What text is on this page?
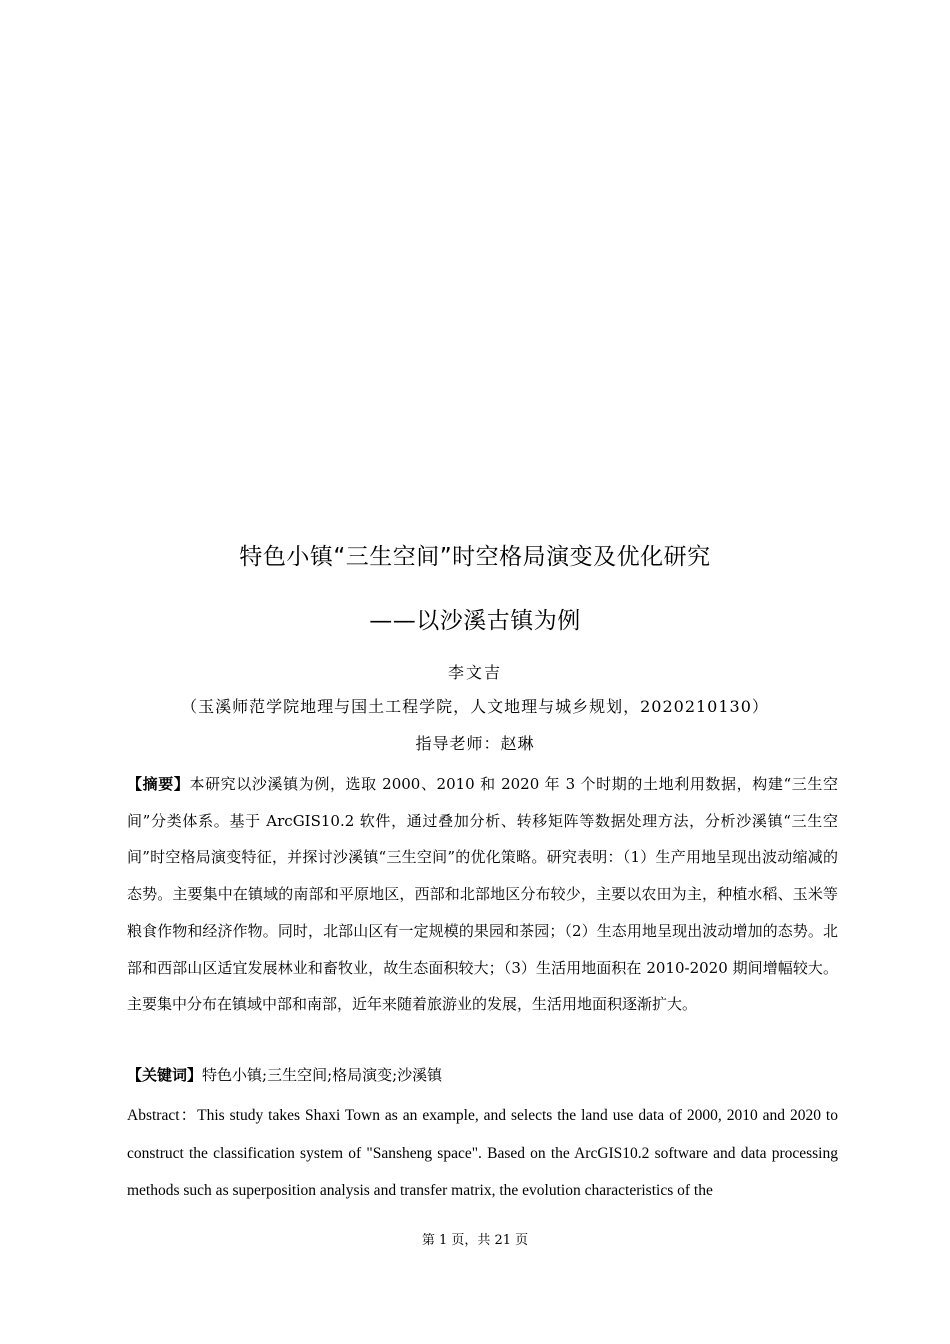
特色小镇“三生空间”时空格局演变及优化研究
——以沙溪古镇为例
李文吉
（玉溪师范学院地理与国土工程学院，人文地理与城乡规划，2020210130）
指导老师：赵琳
【摘要】本研究以沙溪镇为例，选取 2000、2010 和 2020 年 3 个时期的土地利用数据，构建“三生空间”分类体系。基于 ArcGIS10.2 软件，通过叠加分析、转移矩阵等数据处理方法，分析沙溪镇“三生空间”时空格局演变特征，并探讨沙溪镇“三生空间”的优化策略。研究表明：（1）生产用地呈现出波动缩减的态势。主要集中在镇域的南部和平原地区，西部和北部地区分布较少，主要以农田为主，种植水稻、玉米等粮食作物和经济作物。同时，北部山区有一定规模的果园和茶园；（2）生态用地呈现出波动增加的态势。北部和西部山区适宜发展林业和畜牧业，故生态面积较大；（3）生活用地面积在 2010-2020 期间增幅较大。主要集中分布在镇域中部和南部，近年来随着旅游业的发展，生活用地面积逐渐扩大。
【关键词】特色小镇;三生空间;格局演变;沙溪镇
Abstract：This study takes Shaxi Town as an example, and selects the land use data of 2000, 2010 and 2020 to construct the classification system of "Sansheng space". Based on the ArcGIS10.2 software and data processing methods such as superposition analysis and transfer matrix, the evolution characteristics of the
第 1 页，共 21 页
